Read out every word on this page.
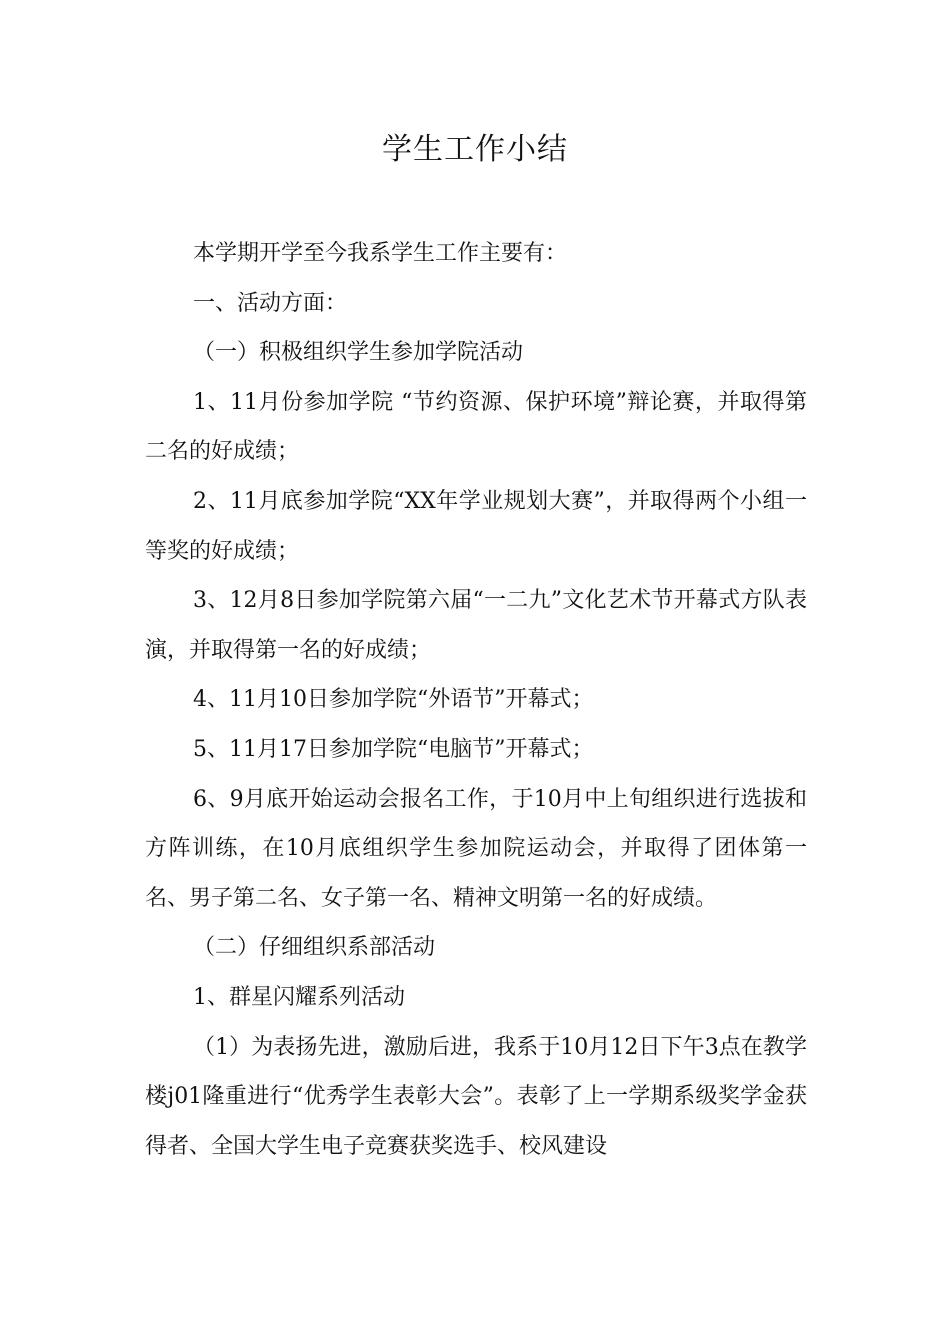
学生工作小结

本学期开学至今我系学生工作主要有：

一、活动方面：

（一）积极组织学生参加学院活动

1、11月份参加学院 “节约资源、保护环境”辩论赛，并取得第二名的好成绩；

2、11月底参加学院“XX年学业规划大赛”，并取得两个小组一等奖的好成绩；

3、12月8日参加学院第六届“一二九”文化艺术节开幕式方队表演，并取得第一名的好成绩；

4、11月10日参加学院“外语节”开幕式；

5、11月17日参加学院“电脑节”开幕式；

6、9月底开始运动会报名工作，于10月中上旬组织进行选拔和方阵训练，在10月底组织学生参加院运动会，并取得了团体第一名、男子第二名、女子第一名、精神文明第一名的好成绩。

（二）仔细组织系部活动

1、群星闪耀系列活动

（1）为表扬先进，激励后进，我系于10月12日下午3点在教学楼j01隆重进行“优秀学生表彰大会”。表彰了上一学期系级奖学金获得者、全国大学生电子竞赛获奖选手、校风建设
